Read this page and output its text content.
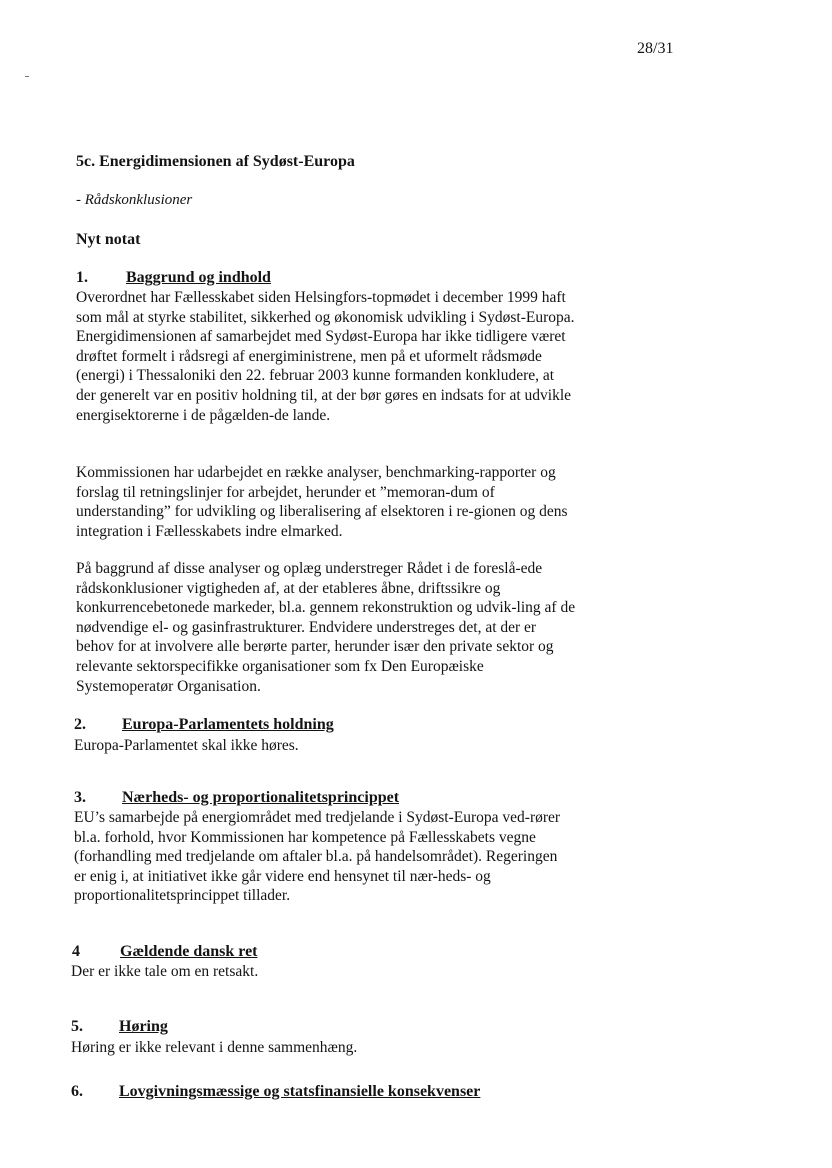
28/31
5c. Energidimensionen af Sydøst-Europa
- Rådskonklusioner
Nyt notat
1. Baggrund og indhold

Overordnet har Fællesskabet siden Helsingfors-topmødet i december 1999 haft som mål at styrke stabilitet, sikkerhed og økonomisk udvikling i Sydøst-Europa. Energidimensionen af samarbejdet med Sydøst-Europa har ikke tidligere været drøftet formelt i rådsregi af energiministrene, men på et uformelt rådsmøde (energi) i Thessaloniki den 22. februar 2003 kunne formanden konkludere, at der generelt var en positiv holdning til, at der bør gøres en indsats for at udvikle energisektorerne i de pågælden-de lande.

Kommissionen har udarbejdet en række analyser, benchmarking-rapporter og forslag til retningslinjer for arbejdet, herunder et ”memoran-dum of understanding” for udvikling og liberalisering af elsektoren i re-gionen og dens integration i Fællesskabets indre elmarked.

På baggrund af disse analyser og oplæg understreger Rådet i de foreslå-ede rådskonklusioner vigtigheden af, at der etableres åbne, driftssikre og konkurrencebetonede markeder, bl.a. gennem rekonstruktion og udvik-ling af de nødvendige el- og gasinfrastrukturer. Endvidere understreges det, at der er behov for at involvere alle berørte parter, herunder især den private sektor og relevante sektorspecifikke organisationer som fx Den Europæiske Systemoperatør Organisation.

2. Europa-Parlamentets holdning

Europa-Parlamentet skal ikke høres.

3. Nærheds- og proportionalitetsprincippet

EU’s samarbejde på energiområdet med tredjelande i Sydøst-Europa ved-rører bl.a. forhold, hvor Kommissionen har kompetence på Fællesskabets vegne (forhandling med tredjelande om aftaler bl.a. på handelsområdet). Regeringen er enig i, at initiativet ikke går videre end hensynet til nær-heds- og proportionalitetsprincippet tillader.

4	Gældende dansk ret

Der er ikke tale om en retsakt.

5. Høring

Høring er ikke relevant i denne sammenhæng.

6. Lovgivningsmæssige og statsfinansielle konsekvenser
